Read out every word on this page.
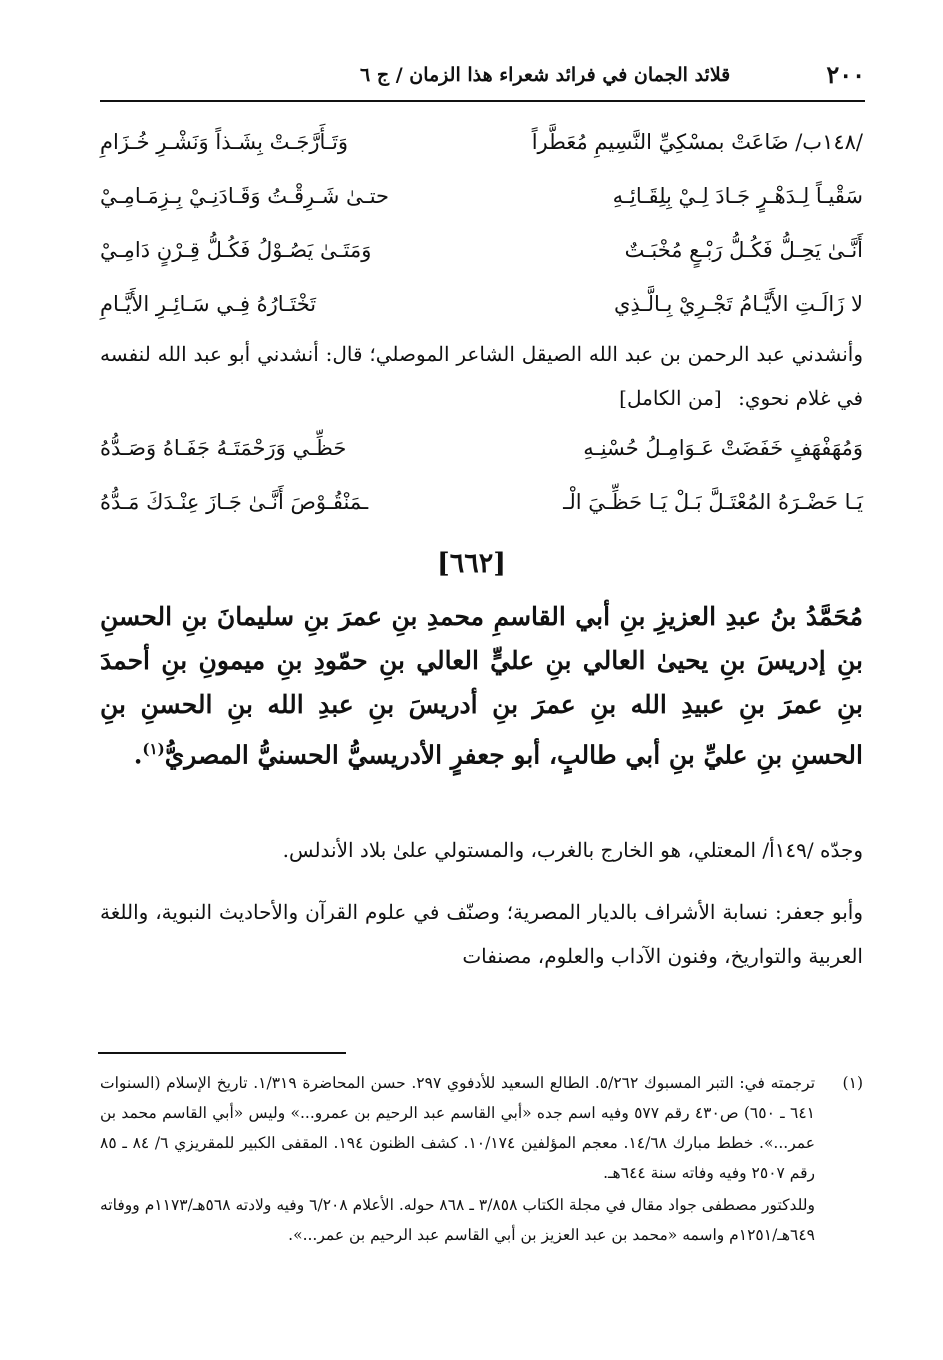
٢٠٠
قلائد الجمان في فرائد شعراء هذا الزمان / ج ٦
/١٤٨ب/ ضَاعَتْ بمسْكِيِّ النَّسِيمِ مُعَطَّراً
وَتَـأَرَّجَـتْ بِشَـذاً وَنَشْـرِ خُـزَامِ
سَقْيـاً لِـدَهْـرٍ جَـادَ لِـيْ بِلِقَـائِـهِ
حتـىٰ شَـرِقْـتُ وَقَـادَنِـيْ بِـزِمَـامِـيْ
أَنَّـىٰ يَحِـلُّ فَكُـلُّ رَبْـعٍ مُخْبَـتٌ
وَمَتَـىٰ يَصُـوْلُ فَكُـلُّ قِـرْنٍ دَامِـيْ
لا زَالَـتِ الأَيَّـامُ تَجْـرِيْ بِـالَّـذِي
تَخْتَـارُهُ فِـي سَـائِـرِ الأَيَّـامِ
وأنشدني عبد الرحمن بن عبد الله الصيقل الشاعر الموصلي؛ قال: أنشدني أبو عبد الله لنفسه في غلام نحوي: [من الكامل]
وَمُهَفْهَفٍ خَفَضَتْ عَـوَامِـلُ حُسْنِـهِ
حَظِّـي وَرَحْمَتَـهُ جَفَـاهُ وَصَـدُّهُ
يَـا حَضْـرَهُ المُعْتَـلَّ بَـلْ يَـا حَظِّـيَ الْـ
ـمَنْقُـوْصَ أَنَّـىٰ جَـازَ عِنْـدَكَ مَـدُّهُ
[٦٦٢]
مُحَمَّدُ بنُ عبدِ العزيزِ بنِ أبي القاسمِ محمدِ بنِ عمرَ بنِ سليمانَ بنِ الحسنِ بنِ إدريسَ بنِ يحيىٰ العالي بنِ عليٍّ العالي بنِ حمّودِ بنِ ميمونِ بنِ أحمدَ بنِ عمرَ بنِ عبيدِ الله بنِ عمرَ بنِ أدريسَ بنِ عبدِ الله بنِ الحسنِ بنِ الحسنِ بنِ عليِّ بنِ أبي طالبٍ، أبو جعفرٍ الأدريسيُّ الحسنيُّ المصريُّ$^{(١)}$.
وجدّه /١٤٩أ/ المعتلي، هو الخارج بالغرب، والمستولي علىٰ بلاد الأندلس.
وأبو جعفر: نسابة الأشراف بالديار المصرية؛ وصنّف في علوم القرآن والأحاديث النبوية، واللغة العربية والتواريخ، وفنون الآداب والعلوم، مصنفات
(١)
ترجمته في: التبر المسبوك ٥/٢٦٢. الطالع السعيد للأدفوي ٢٩٧. حسن المحاضرة ١/٣١٩. تاريخ الإسلام (السنوات ٦٤١ ـ ٦٥٠) ص٤٣٠ رقم ٥٧٧ وفيه اسم جده «أبي القاسم عبد الرحيم بن عمرو...» وليس «أبي القاسم محمد بن عمر...». خطط مبارك ١٤/٦٨. معجم المؤلفين ١٠/١٧٤. كشف الظنون ١٩٤. المقفى الكبير للمقريزي ٦/ ٨٤ ـ ٨٥ رقم ٢٥٠٧ وفيه وفاته سنة ٦٤٤هـ.
وللدكتور مصطفى جواد مقال في مجلة الكتاب ٣/٨٥٨ ـ ٨٦٨ حوله. الأعلام ٦/٢٠٨ وفيه ولادته ٥٦٨هـ/١١٧٣م ووفاته ٦٤٩هـ/١٢٥١م واسمه «محمد بن عبد العزيز بن أبي القاسم عبد الرحيم بن عمر...».
